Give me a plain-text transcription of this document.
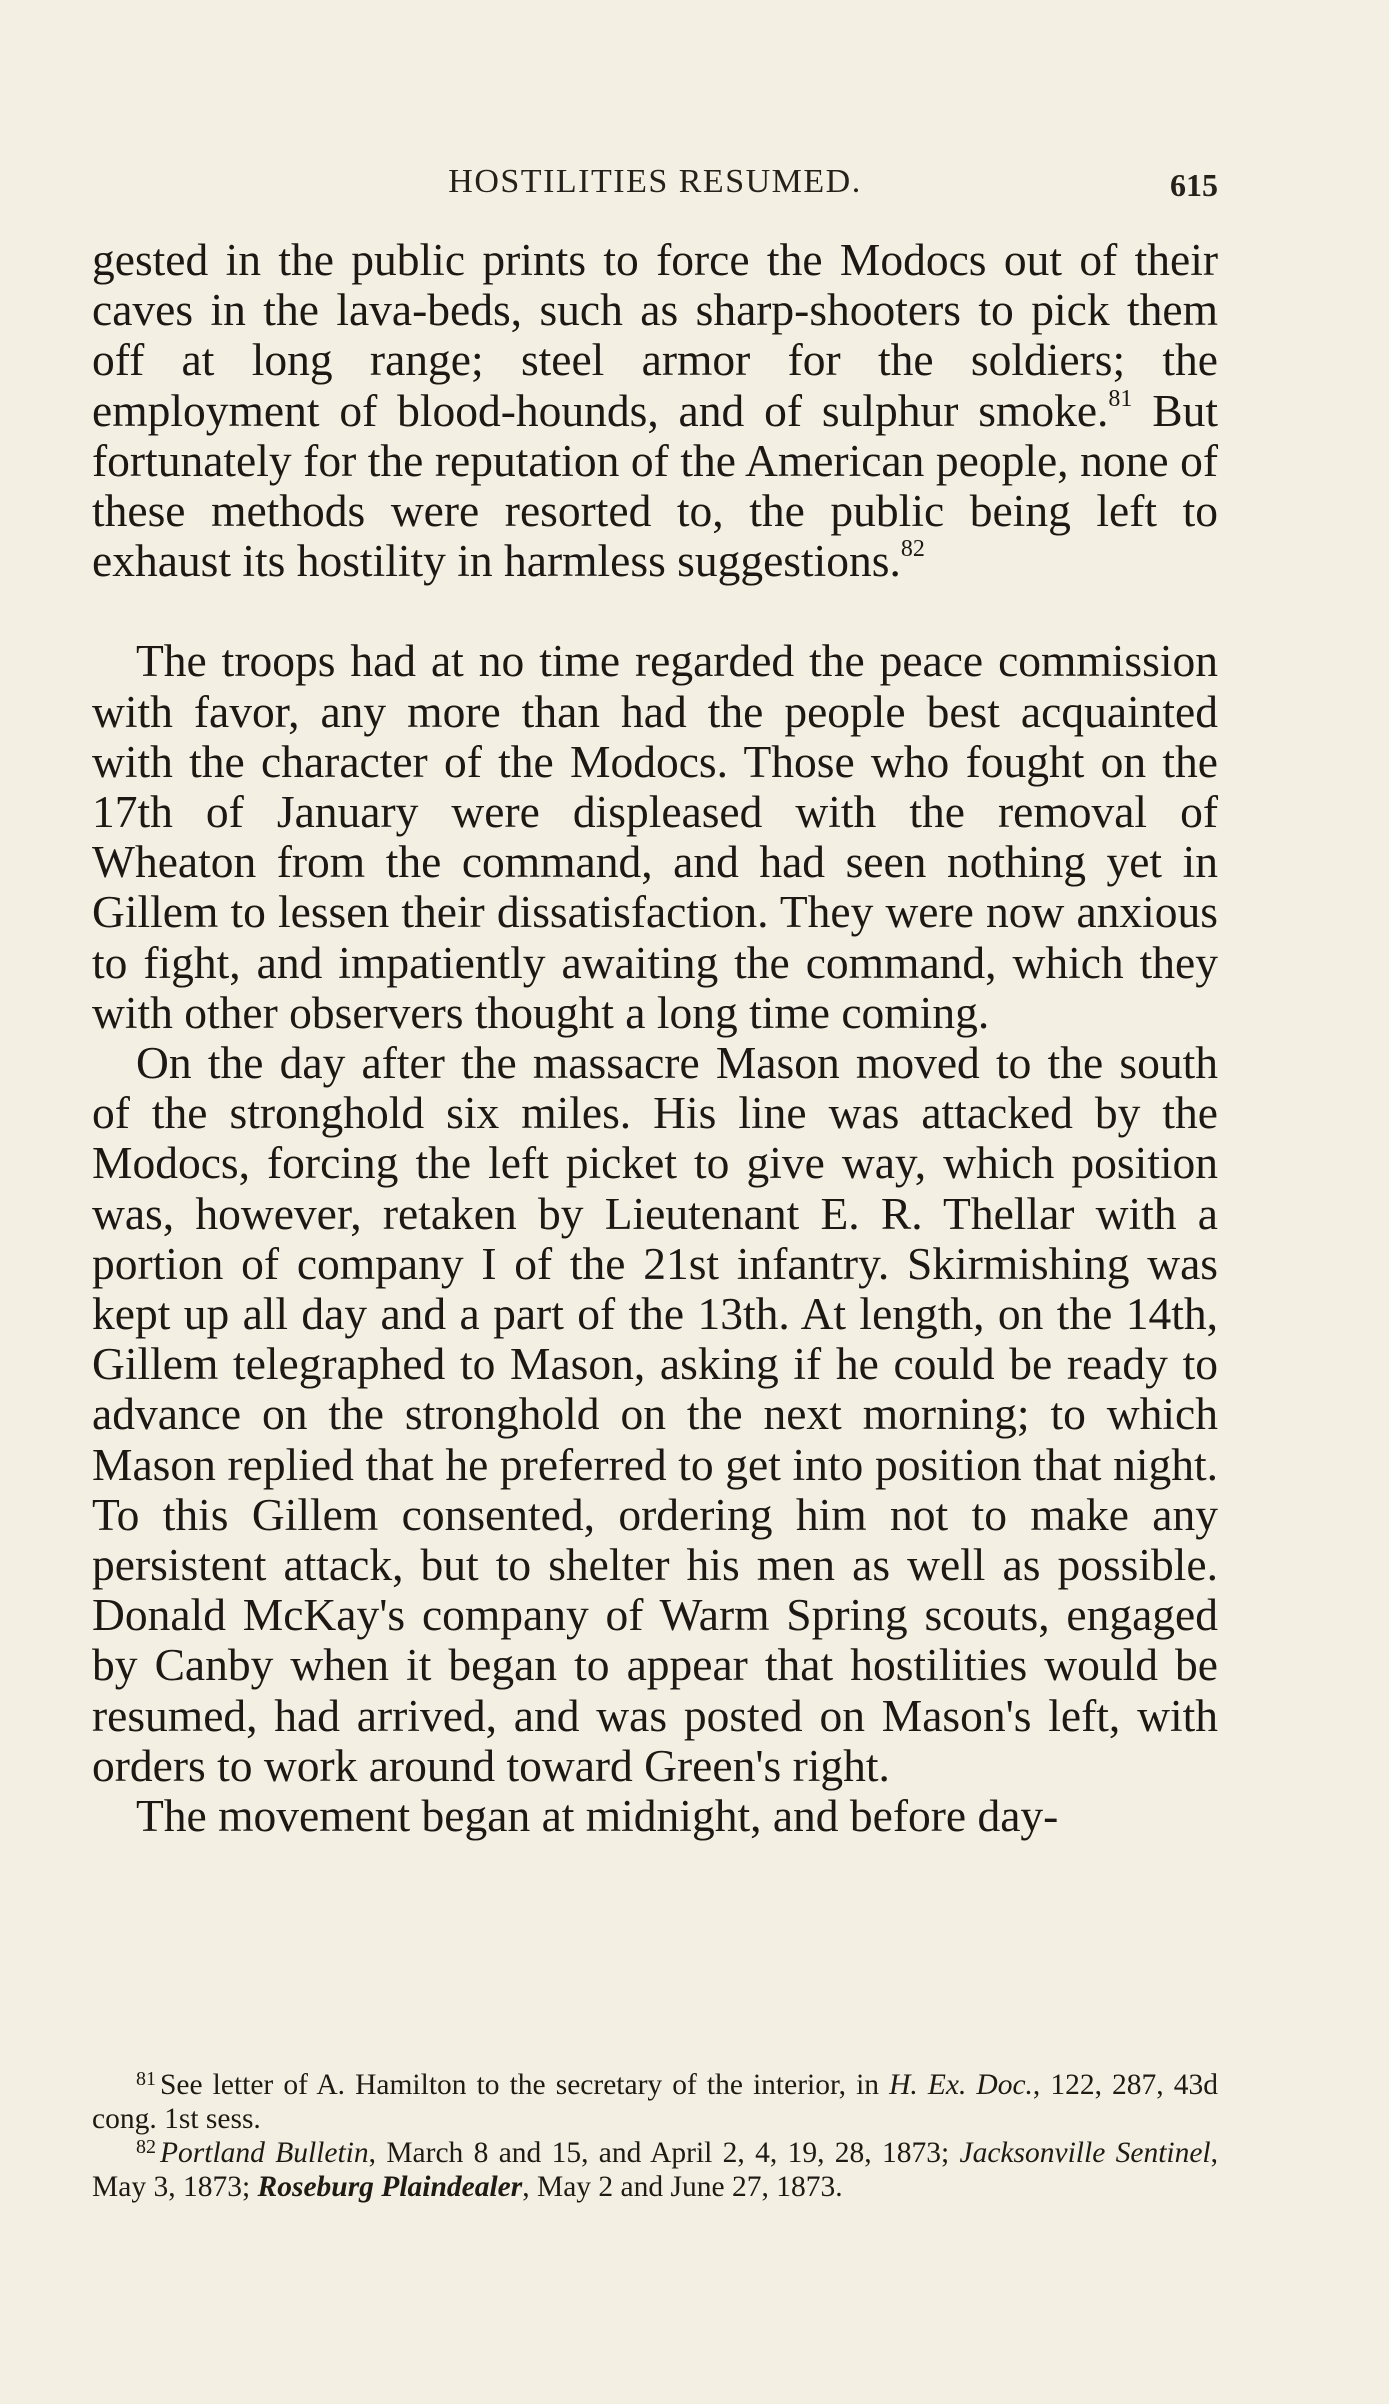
HOSTILITIES RESUMED.	615

gested in the public prints to force the Modocs out of their caves in the lava-beds, such as sharp-shooters to pick them off at long range; steel armor for the soldiers; the employment of blood-hounds, and of sulphur smoke.$^{81}$ But fortunately for the reputation of the American people, none of these methods were resorted to, the public being left to exhaust its hostility in harmless suggestions.$^{82}$

The troops had at no time regarded the peace commission with favor, any more than had the people best acquainted with the character of the Modocs. Those who fought on the 17th of January were displeased with the removal of Wheaton from the command, and had seen nothing yet in Gillem to lessen their dissatisfaction. They were now anxious to fight, and impatiently awaiting the command, which they with other observers thought a long time coming.

On the day after the massacre Mason moved to the south of the stronghold six miles. His line was attacked by the Modocs, forcing the left picket to give way, which position was, however, retaken by Lieutenant E. R. Thellar with a portion of company I of the 21st infantry. Skirmishing was kept up all day and a part of the 13th. At length, on the 14th, Gillem telegraphed to Mason, asking if he could be ready to advance on the stronghold on the next morning; to which Mason replied that he preferred to get into position that night. To this Gillem consented, ordering him not to make any persistent attack, but to shelter his men as well as possible. Donald McKay's company of Warm Spring scouts, engaged by Canby when it began to appear that hostilities would be resumed, had arrived, and was posted on Mason's left, with orders to work around toward Green's right.

The movement began at midnight, and before day-

$^{81}$ See letter of A. Hamilton to the secretary of the interior, in H. Ex. Doc., 122, 287, 43d cong. 1st sess.

$^{82}$ Portland Bulletin, March 8 and 15, and April 2, 4, 19, 28, 1873; Jacksonville Sentinel, May 3, 1873; Roseburg Plaindealer, May 2 and June 27, 1873.
